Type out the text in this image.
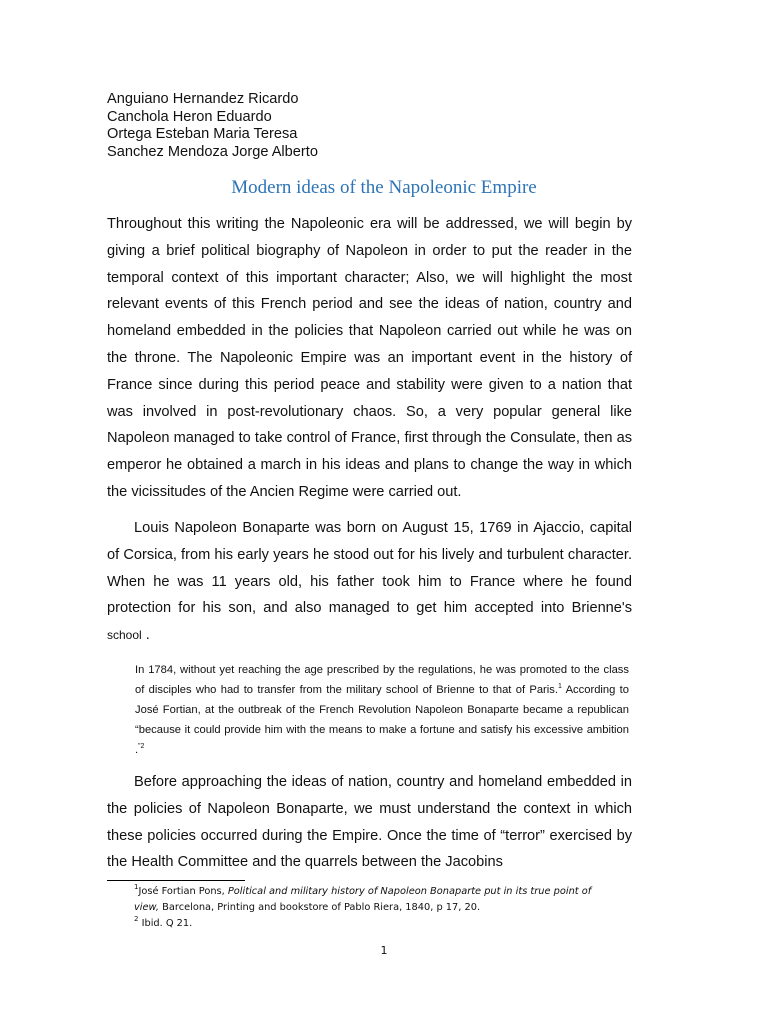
Anguiano Hernandez Ricardo
Canchola Heron Eduardo
Ortega Esteban Maria Teresa
Sanchez Mendoza Jorge Alberto
Modern ideas of the Napoleonic Empire
Throughout this writing the Napoleonic era will be addressed, we will begin by giving a brief political biography of Napoleon in order to put the reader in the temporal context of this important character; Also, we will highlight the most relevant events of this French period and see the ideas of nation, country and homeland embedded in the policies that Napoleon carried out while he was on the throne. The Napoleonic Empire was an important event in the history of France since during this period peace and stability were given to a nation that was involved in post-revolutionary chaos. So, a very popular general like Napoleon managed to take control of France, first through the Consulate, then as emperor he obtained a march in his ideas and plans to change the way in which the vicissitudes of the Ancien Regime were carried out.
Louis Napoleon Bonaparte was born on August 15, 1769 in Ajaccio, capital of Corsica, from his early years he stood out for his lively and turbulent character. When he was 11 years old, his father took him to France where he found protection for his son, and also managed to get him accepted into Brienne's school .
In 1784, without yet reaching the age prescribed by the regulations, he was promoted to the class of disciples who had to transfer from the military school of Brienne to that of Paris.$^1$ According to José Fortian, at the outbreak of the French Revolution Napoleon Bonaparte became a republican “because it could provide him with the means to make a fortune and satisfy his excessive ambition .$^{”2}$
Before approaching the ideas of nation, country and homeland embedded in the policies of Napoleon Bonaparte, we must understand the context in which these policies occurred during the Empire. Once the time of “terror” exercised by the Health Committee and the quarrels between the Jacobins
$^1$José Fortian Pons, Political and military history of Napoleon Bonaparte put in its true point of
view, Barcelona, Printing and bookstore of Pablo Riera, 1840, p 17, 20.
$^2$ Ibid. Q 21.
1
